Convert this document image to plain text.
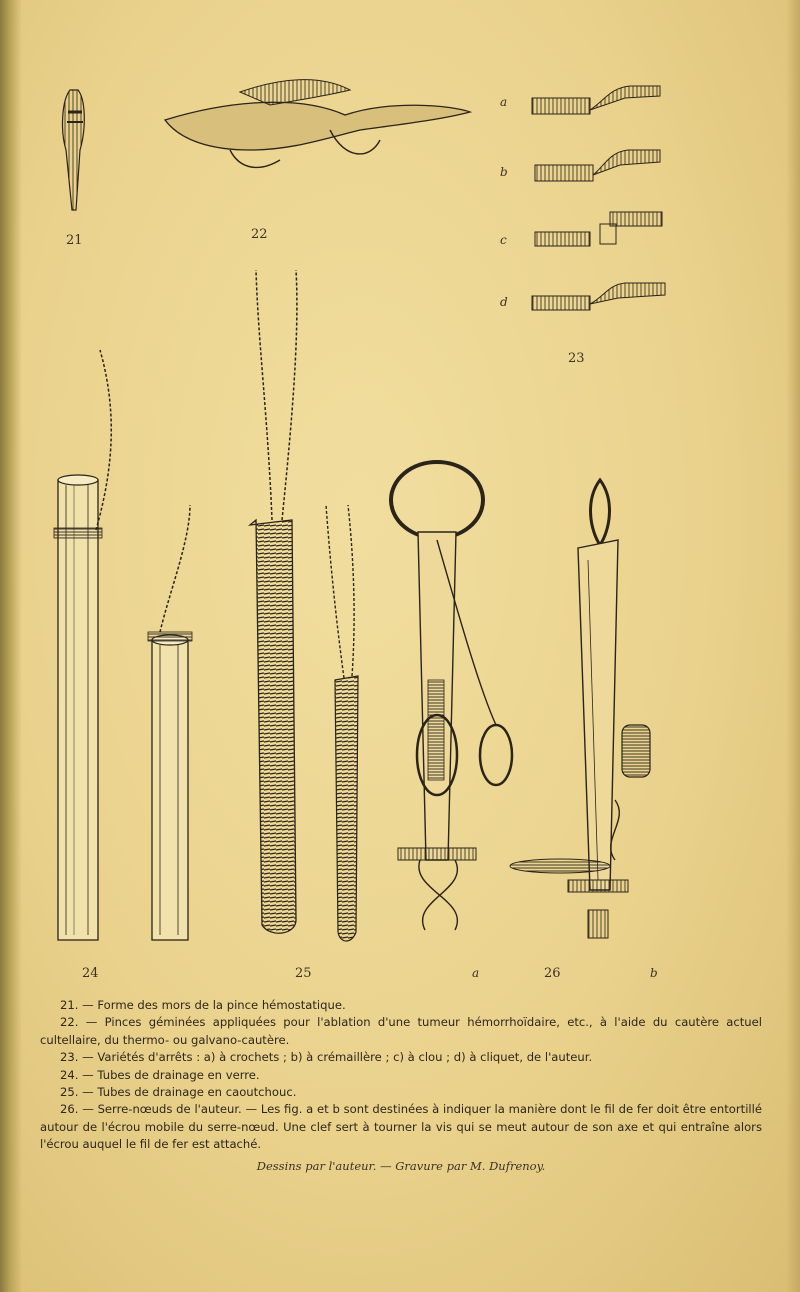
21	22
a
b
c
d
23
24	25	a	26	b

21. — Forme des mors de la pince hémostatique.

22. — Pinces géminées appliquées pour l'ablation d'une tumeur hémorrhoïdaire, etc., à l'aide du cautère actuel cultellaire, du thermo- ou galvano-cautère.

23. — Variétés d'arrêts : a) à crochets ; b) à crémaillère ; c) à clou ; d) à cliquet, de l'auteur.

24. — Tubes de drainage en verre.

25. — Tubes de drainage en caoutchouc.

26. — Serre-nœuds de l'auteur. — Les fig. a et b sont destinées à indiquer la manière dont le fil de fer doit être entortillé autour de l'écrou mobile du serre-nœud. Une clef sert à tourner la vis qui se meut autour de son axe et qui entraîne alors l'écrou auquel le fil de fer est attaché.

Dessins par l'auteur. — Gravure par M. Dufrenoy.
